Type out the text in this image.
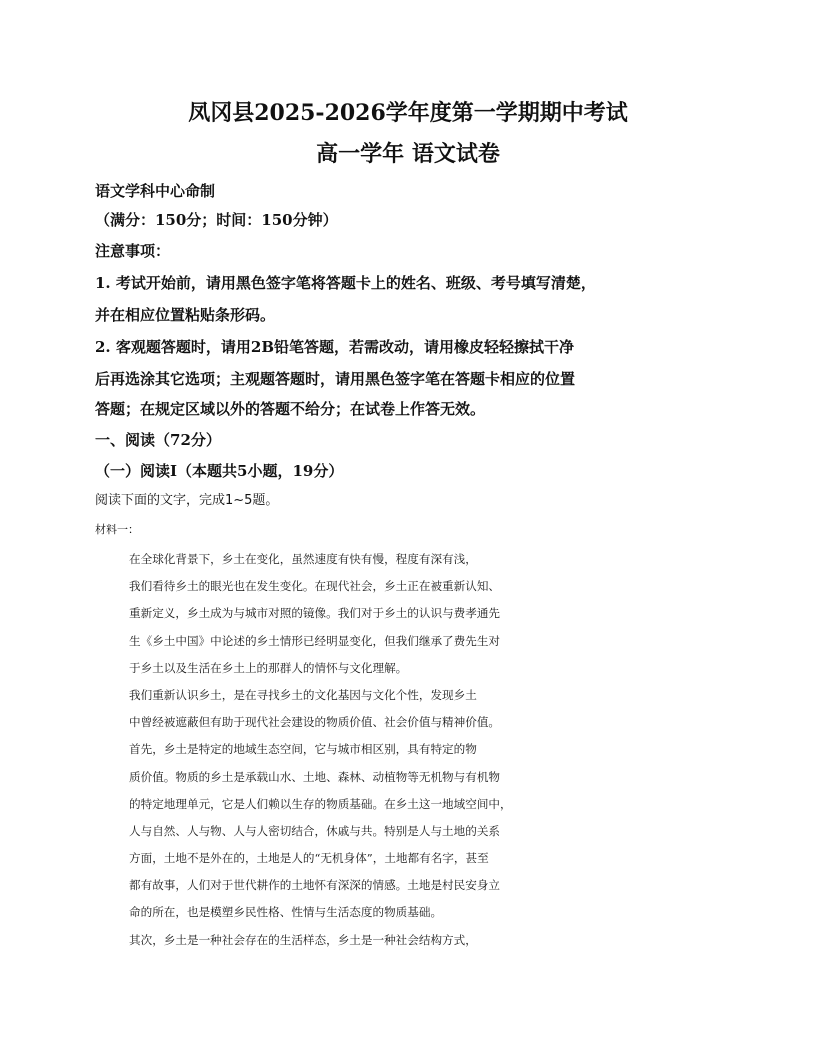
凤冈县2025-2026学年度第一学期期中考试
高一学年 语文试卷
语文学科中心命制
（满分：150分；时间：150分钟）
注意事项：
1. 考试开始前，请用黑色签字笔将答题卡上的姓名、班级、考号填写清楚，
并在相应位置粘贴条形码。
2. 客观题答题时，请用2B铅笔答题，若需改动，请用橡皮轻轻擦拭干净
后再选涂其它选项；主观题答题时，请用黑色签字笔在答题卡相应的位置
答题；在规定区域以外的答题不给分；在试卷上作答无效。
一、阅读（72分）
（一）阅读Ⅰ（本题共5小题，19分）
阅读下面的文字，完成1~5题。
材料一：
在全球化背景下，乡土在变化，虽然速度有快有慢，程度有深有浅，
我们看待乡土的眼光也在发生变化。在现代社会，乡土正在被重新认知、
重新定义，乡土成为与城市对照的镜像。我们对于乡土的认识与费孝通先
生《乡土中国》中论述的乡土情形已经明显变化，但我们继承了费先生对
于乡土以及生活在乡土上的那群人的情怀与文化理解。
我们重新认识乡土，是在寻找乡土的文化基因与文化个性，发现乡土
中曾经被遮蔽但有助于现代社会建设的物质价值、社会价值与精神价值。
首先，乡土是特定的地域生态空间，它与城市相区别，具有特定的物
质价值。物质的乡土是承载山水、土地、森林、动植物等无机物与有机物
的特定地理单元，它是人们赖以生存的物质基础。在乡土这一地域空间中，
人与自然、人与物、人与人密切结合，休戚与共。特别是人与土地的关系
方面，土地不是外在的，土地是人的“无机身体”，土地都有名字，甚至
都有故事，人们对于世代耕作的土地怀有深深的情感。土地是村民安身立
命的所在，也是模塑乡民性格、性情与生活态度的物质基础。
其次，乡土是一种社会存在的生活样态，乡土是一种社会结构方式，
